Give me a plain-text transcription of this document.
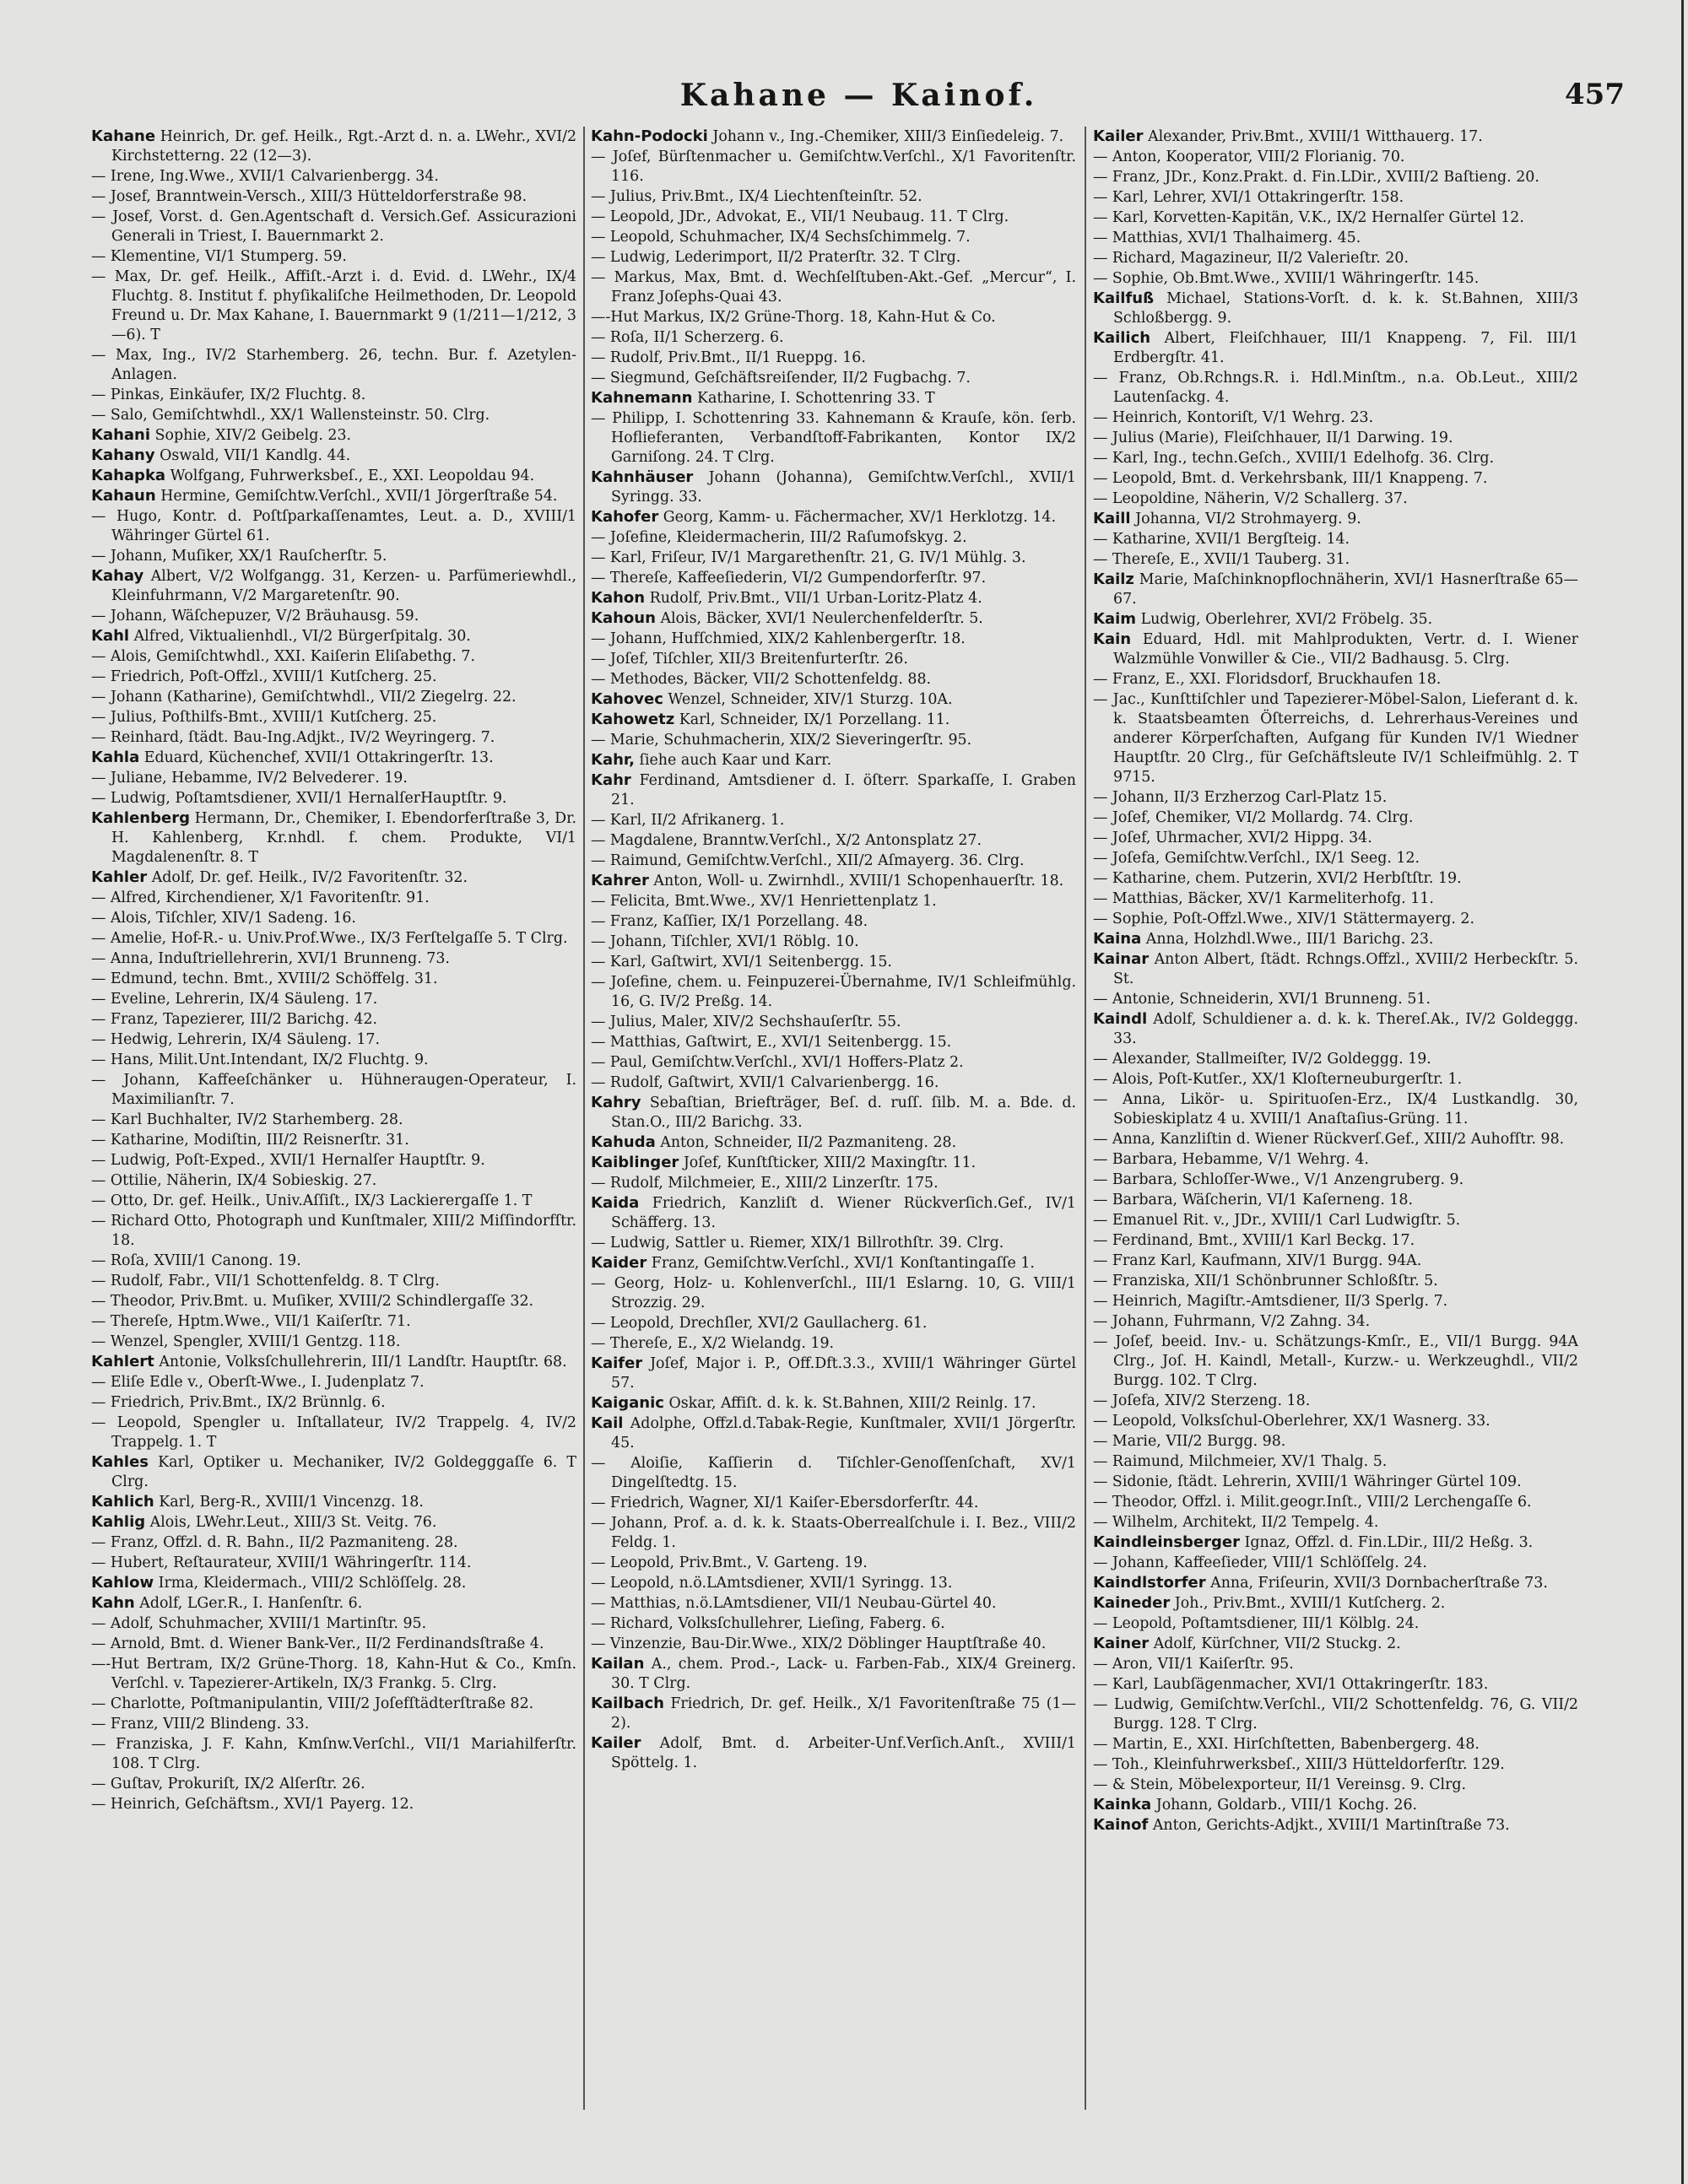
Kahane — Kainof.	457

Kahane Heinrich, Dr. gef. Heilk., Rgt.-Arzt d. n. a. LWehr., XVI/2 Kirchstetterng. 22 (12—3).

— Irene, Ing.Wwe., XVII/1 Calvarienbergg. 34.

— Josef, Branntwein-Versch., XIII/3 Hütteldorferstraße 98.

— Josef, Vorst. d. Gen.Agentschaft d. Versich.Gef. Assicurazioni Generali in Triest, I. Bauernmarkt 2.

— Klementine, VI/1 Stumperg. 59.

— Max, Dr. gef. Heilk., Affiſt.-Arzt i. d. Evid. d. LWehr., IX/4 Fluchtg. 8. Institut f. phyſikaliſche Heilmethoden, Dr. Leopold Freund u. Dr. Max Kahane, I. Bauernmarkt 9 (1/211—1/212, 3—6). T

— Max, Ing., IV/2 Starhemberg. 26, techn. Bur. f. Azetylen-Anlagen.

— Pinkas, Einkäufer, IX/2 Fluchtg. 8.

— Salo, Gemiſchtwhdl., XX/1 Wallensteinstr. 50. Clrg.

Kahani Sophie, XIV/2 Geibelg. 23.

Kahany Oswald, VII/1 Kandlg. 44.

Kahapka Wolfgang, Fuhrwerksbeſ., E., XXI. Leopoldau 94.

Kahaun Hermine, Gemiſchtw.Verſchl., XVII/1 Jörgerſtraße 54.

— Hugo, Kontr. d. Poſtſparkaſſenamtes, Leut. a. D., XVIII/1 Währinger Gürtel 61.

— Johann, Muſiker, XX/1 Rauſcherſtr. 5.

Kahay Albert, V/2 Wolfgangg. 31, Kerzen- u. Parfümeriewhdl., Kleinfuhrmann, V/2 Margaretenſtr. 90.

— Johann, Wäſchepuzer, V/2 Bräuhausg. 59.

Kahl Alfred, Viktualienhdl., VI/2 Bürgerſpitalg. 30.

— Alois, Gemiſchtwhdl., XXI. Kaiſerin Eliſabethg. 7.

— Friedrich, Poſt-Offzl., XVIII/1 Kutſcherg. 25.

— Johann (Katharine), Gemiſchtwhdl., VII/2 Ziegelrg. 22.

— Julius, Poſthilfs-Bmt., XVIII/1 Kutſcherg. 25.

— Reinhard, ſtädt. Bau-Ing.Adjkt., IV/2 Weyringerg. 7.

Kahla Eduard, Küchenchef, XVII/1 Ottakringerſtr. 13.

— Juliane, Hebamme, IV/2 Belvederег. 19.

— Ludwig, Poſtamtsdiener, XVII/1 HernalſerHauptſtr. 9.

Kahlenberg Hermann, Dr., Chemiker, I. Ebendorferſtraße 3, Dr. H. Kahlenberg, Kr.nhdl. f. chem. Produkte, VI/1 Magdalenenſtr. 8. T

Kahler Adolf, Dr. gef. Heilk., IV/2 Favoritenſtr. 32.

— Alfred, Kirchendiener, X/1 Favoritenſtr. 91.

— Alois, Tiſchler, XIV/1 Sadeng. 16.

— Amelie, Hof-R.- u. Univ.Prof.Wwe., IX/3 Ferſtelgaſſe 5. T Clrg.

— Anna, Induſtriellehrerin, XVI/1 Brunneng. 73.

— Edmund, techn. Bmt., XVIII/2 Schöffelg. 31.

— Eveline, Lehrerin, IX/4 Säuleng. 17.

— Franz, Tapezierer, III/2 Barichg. 42.

— Hedwig, Lehrerin, IX/4 Säuleng. 17.

— Hans, Milit.Unt.Intendant, IX/2 Fluchtg. 9.

— Johann, Kaffeeſchänker u. Hühneraugen-Operateur, I. Maximilianſtr. 7.

— Karl Buchhalter, IV/2 Starhemberg. 28.

— Katharine, Modiſtin, III/2 Reisnerſtr. 31.

— Ludwig, Poſt-Exped., XVII/1 Hernalſer Hauptſtr. 9.

— Ottilie, Näherin, IX/4 Sobieskig. 27.

— Otto, Dr. gef. Heilk., Univ.Aſſiſt., IX/3 Lackierergaſſe 1. T

— Richard Otto, Photograph und Kunſtmaler, XIII/2 Miſſindorfſtr. 18.

— Roſa, XVIII/1 Canong. 19.

— Rudolf, Fabr., VII/1 Schottenfeldg. 8. T Clrg.

— Theodor, Priv.Bmt. u. Muſiker, XVIII/2 Schindlergaſſe 32.

— Thereſe, Hptm.Wwe., VII/1 Kaiſerſtr. 71.

— Wenzel, Spengler, XVIII/1 Gentzg. 118.

Kahlert Antonie, Volksſchullehrerin, III/1 Landſtr. Hauptſtr. 68.

— Eliſe Edle v., Oberſt-Wwe., I. Judenplatz 7.

— Friedrich, Priv.Bmt., IX/2 Brünnlg. 6.

— Leopold, Spengler u. Inſtallateur, IV/2 Trappelg. 4, IV/2 Trappelg. 1. T

Kahles Karl, Optiker u. Mechaniker, IV/2 Goldegggaſſe 6. T Clrg.

Kahlich Karl, Berg-R., XVIII/1 Vincenzg. 18.

Kahlig Alois, LWehr.Leut., XIII/3 St. Veitg. 76.

— Franz, Offzl. d. R. Bahn., II/2 Pazmaniteng. 28.

— Hubert, Reſtaurateur, XVIII/1 Währingerſtr. 114.

Kahlow Irma, Kleidermach., VIII/2 Schlöſſelg. 28.

Kahn Adolf, LGer.R., I. Hanſenſtr. 6.

— Adolf, Schuhmacher, XVIII/1 Martinſtr. 95.

— Arnold, Bmt. d. Wiener Bank-Ver., II/2 Ferdinandsſtraße 4.

—-Hut Bertram, IX/2 Grüne-Thorg. 18, Kahn-Hut & Co., Kmſn. Verſchl. v. Tapezierer-Artikeln, IX/3 Frankg. 5. Clrg.

— Charlotte, Poſtmanipulantin, VIII/2 Joſefſtädterſtraße 82.

— Franz, VIII/2 Blindeng. 33.

— Franziska, J. F. Kahn, Kmſnw.Verſchl., VII/1 Mariahilferſtr. 108. T Clrg.

— Guſtav, Prokuriſt, IX/2 Alſerſtr. 26.

— Heinrich, Geſchäftsm., XVI/1 Payerg. 12.

Kahn-Podocki Johann v., Ing.-Chemiker, XIII/3 Einſiedeleig. 7.

— Joſef, Bürſtenmacher u. Gemiſchtw.Verſchl., X/1 Favoritenſtr. 116.

— Julius, Priv.Bmt., IX/4 Liechtenſteinſtr. 52.

— Leopold, JDr., Advokat, E., VII/1 Neubaug. 11. T Clrg.

— Leopold, Schuhmacher, IX/4 Sechsſchimmelg. 7.

— Ludwig, Lederimport, II/2 Praterſtr. 32. T Clrg.

— Markus, Max, Bmt. d. Wechſelſtuben-Akt.-Gef. „Mercur“, I. Franz Joſephs-Quai 43.

—-Hut Markus, IX/2 Grüne-Thorg. 18, Kahn-Hut & Co.

— Roſa, II/1 Scherzerg. 6.

— Rudolf, Priv.Bmt., II/1 Rueppg. 16.

— Siegmund, Geſchäftsreiſender, II/2 Fugbachg. 7.

Kahnemann Katharine, I. Schottenring 33. T

— Philipp, I. Schottenring 33. Kahnemann & Krauſe, kön. ſerb. Hoflieferanten, Verbandſtoff-Fabrikanten, Kontor IX/2 Garniſong. 24. T Clrg.

Kahnhäuser Johann (Johanna), Gemiſchtw.Verſchl., XVII/1 Syringg. 33.

Kahofer Georg, Kamm- u. Fächermacher, XV/1 Herklotzg. 14.

— Joſefine, Kleidermacherin, III/2 Raſumofskyg. 2.

— Karl, Friſeur, IV/1 Margarethenſtr. 21, G. IV/1 Mühlg. 3.

— Thereſe, Kaffeeſiederin, VI/2 Gumpendorferſtr. 97.

Kahon Rudolf, Priv.Bmt., VII/1 Urban-Loritz-Platz 4.

Kahoun Alois, Bäcker, XVI/1 Neulerchenfelderſtr. 5.

— Johann, Hufſchmied, XIX/2 Kahlenbergerſtr. 18.

— Joſef, Tiſchler, XII/3 Breitenfurterſtr. 26.

— Methodes, Bäcker, VII/2 Schottenfeldg. 88.

Kahovec Wenzel, Schneider, XIV/1 Sturzg. 10A.

Kahowetz Karl, Schneider, IX/1 Porzellang. 11.

— Marie, Schuhmacherin, XIX/2 Sieveringerſtr. 95.

Kahr, ſiehe auch Kaar und Karr.

Kahr Ferdinand, Amtsdiener d. I. öſterr. Sparkaſſe, I. Graben 21.

— Karl, II/2 Afrikanerg. 1.

— Magdalene, Branntw.Verſchl., X/2 Antonsplatz 27.

— Raimund, Gemiſchtw.Verſchl., XII/2 Aſmayerg. 36. Clrg.

Kahrer Anton, Woll- u. Zwirnhdl., XVIII/1 Schopenhauerſtr. 18.

— Felicita, Bmt.Wwe., XV/1 Henriettenplatz 1.

— Franz, Kaſſier, IX/1 Porzellang. 48.

— Johann, Tiſchler, XVI/1 Röblg. 10.

— Karl, Gaſtwirt, XVI/1 Seitenbergg. 15.

— Joſefine, chem. u. Feinpuzerei-Übernahme, IV/1 Schleifmühlg. 16, G. IV/2 Preßg. 14.

— Julius, Maler, XIV/2 Sechshauſerſtr. 55.

— Matthias, Gaſtwirt, E., XVI/1 Seitenbergg. 15.

— Paul, Gemiſchtw.Verſchl., XVI/1 Hoffers-Platz 2.

— Rudolf, Gaſtwirt, XVII/1 Calvarienbergg. 16.

Kahry Sebaſtian, Briefträger, Beſ. d. ruſſ. ſilb. M. a. Bde. d. Stan.O., III/2 Barichg. 33.

Kahuda Anton, Schneider, II/2 Pazmaniteng. 28.

Kaiblinger Joſef, Kunſtſticker, XIII/2 Maxingſtr. 11.

— Rudolf, Milchmeier, E., XIII/2 Linzerſtr. 175.

Kaida Friedrich, Kanzliſt d. Wiener Rückverſich.Gef., IV/1 Schäfferg. 13.

— Ludwig, Sattler u. Riemer, XIX/1 Billrothſtr. 39. Clrg.

Kaider Franz, Gemiſchtw.Verſchl., XVI/1 Konſtantingaſſe 1.

— Georg, Holz- u. Kohlenverſchl., III/1 Eslarng. 10, G. VIII/1 Strozzig. 29.

— Leopold, Drechſler, XVI/2 Gaullacherg. 61.

— Thereſe, E., X/2 Wielandg. 19.

Kaifer Joſef, Major i. P., Off.Dft.3.3., XVIII/1 Währinger Gürtel 57.

Kaiganic Oskar, Affiſt. d. k. k. St.Bahnen, XIII/2 Reinlg. 17.

Kail Adolphe, Offzl.d.Tabak-Regie, Kunſtmaler, XVII/1 Jörgerſtr. 45.

— Aloiſie, Kaſſierin d. Tiſchler-Genoſſenſchaft, XV/1 Dingelſtedtg. 15.

— Friedrich, Wagner, XI/1 Kaiſer-Ebersdorferſtr. 44.

— Johann, Prof. a. d. k. k. Staats-Oberrealſchule i. I. Bez., VIII/2 Feldg. 1.

— Leopold, Priv.Bmt., V. Garteng. 19.

— Leopold, n.ö.LAmtsdiener, XVII/1 Syringg. 13.

— Matthias, n.ö.LAmtsdiener, VII/1 Neubau-Gürtel 40.

— Richard, Volksſchullehrer, Lieſing, Faberg. 6.

— Vinzenzie, Bau-Dir.Wwe., XIX/2 Döblinger Hauptſtraße 40.

Kailan A., chem. Prod.-, Lack- u. Farben-Fab., XIX/4 Greinerg. 30. T Clrg.

Kailbach Friedrich, Dr. gef. Heilk., X/1 Favoritenſtraße 75 (1—2).

Kailer Adolf, Bmt. d. Arbeiter-Unf.Verſich.Anſt., XVIII/1 Spöttelg. 1.

Kailer Alexander, Priv.Bmt., XVIII/1 Witthauerg. 17.

— Anton, Kooperator, VIII/2 Florianig. 70.

— Franz, JDr., Konz.Prakt. d. Fin.LDir., XVIII/2 Baſtieng. 20.

— Karl, Lehrer, XVI/1 Ottakringerſtr. 158.

— Karl, Korvetten-Kapitän, V.K., IX/2 Hernalſer Gürtel 12.

— Matthias, XVI/1 Thalhaimerg. 45.

— Richard, Magazineur, II/2 Valerieſtr. 20.

— Sophie, Ob.Bmt.Wwe., XVIII/1 Währingerſtr. 145.

Kailfuß Michael, Stations-Vorſt. d. k. k. St.Bahnen, XIII/3 Schloßbergg. 9.

Kailich Albert, Fleiſchhauer, III/1 Knappeng. 7, Fil. III/1 Erdbergſtr. 41.

— Franz, Ob.Rchngs.R. i. Hdl.Minſtm., n.a. Ob.Leut., XIII/2 Lautenſackg. 4.

— Heinrich, Kontoriſt, V/1 Wehrg. 23.

— Julius (Marie), Fleiſchhauer, II/1 Darwing. 19.

— Karl, Ing., techn.Geſch., XVIII/1 Edelhofg. 36. Clrg.

— Leopold, Bmt. d. Verkehrsbank, III/1 Knappeng. 7.

— Leopoldine, Näherin, V/2 Schallerg. 37.

Kaill Johanna, VI/2 Strohmayerg. 9.

— Katharine, XVII/1 Bergſteig. 14.

— Thereſe, E., XVII/1 Tauberg. 31.

Kailz Marie, Maſchinknopflochnäherin, XVI/1 Hasnerſtraße 65—67.

Kaim Ludwig, Oberlehrer, XVI/2 Fröbelg. 35.

Kain Eduard, Hdl. mit Mahlprodukten, Vertr. d. I. Wiener Walzmühle Vonwiller & Cie., VII/2 Badhausg. 5. Clrg.

— Franz, E., XXI. Floridsdorf, Bruckhaufen 18.

— Jac., Kunſttiſchler und Tapezierer-Möbel-Salon, Lieferant d. k. k. Staatsbeamten Öſterreichs, d. Lehrerhaus-Vereines und anderer Körperſchaften, Aufgang für Kunden IV/1 Wiedner Hauptſtr. 20 Clrg., für Geſchäftsleute IV/1 Schleifmühlg. 2. T 9715.

— Johann, II/3 Erzherzog Carl-Platz 15.

— Joſef, Chemiker, VI/2 Mollardg. 74. Clrg.

— Joſef, Uhrmacher, XVI/2 Hippg. 34.

— Joſefa, Gemiſchtw.Verſchl., IX/1 Seeg. 12.

— Katharine, chem. Putzerin, XVI/2 Herbſtſtr. 19.

— Matthias, Bäcker, XV/1 Karmeliterhofg. 11.

— Sophie, Poſt-Offzl.Wwe., XIV/1 Stättermayerg. 2.

Kaina Anna, Holzhdl.Wwe., III/1 Barichg. 23.

Kainar Anton Albert, ſtädt. Rchngs.Offzl., XVIII/2 Herbeckſtr. 5. St.

— Antonie, Schneiderin, XVI/1 Brunneng. 51.

Kaindl Adolf, Schuldiener a. d. k. k. Thereſ.Ak., IV/2 Goldeggg. 33.

— Alexander, Stallmeiſter, IV/2 Goldeggg. 19.

— Alois, Poſt-Kutſer., XX/1 Kloſterneuburgerſtr. 1.

— Anna, Likör- u. Spirituoſen-Erz., IX/4 Lustkandlg. 30, Sobieskiplatz 4 u. XVIII/1 Anaſtaſius-Grüng. 11.

— Anna, Kanzliſtin d. Wiener Rückverſ.Gef., XIII/2 Auhofſtr. 98.

— Barbara, Hebamme, V/1 Wehrg. 4.

— Barbara, Schloſſer-Wwe., V/1 Anzengruberg. 9.

— Barbara, Wäſcherin, VI/1 Kaſerneng. 18.

— Emanuel Rit. v., JDr., XVIII/1 Carl Ludwigſtr. 5.

— Ferdinand, Bmt., XVIII/1 Karl Beckg. 17.

— Franz Karl, Kaufmann, XIV/1 Burgg. 94A.

— Franziska, XII/1 Schönbrunner Schloßſtr. 5.

— Heinrich, Magiſtr.-Amtsdiener, II/3 Sperlg. 7.

— Johann, Fuhrmann, V/2 Zahng. 34.

— Joſef, beeid. Inv.- u. Schätzungs-Kmſr., E., VII/1 Burgg. 94A Clrg., Joſ. H. Kaindl, Metall-, Kurzw.- u. Werkzeughdl., VII/2 Burgg. 102. T Clrg.

— Joſefa, XIV/2 Sterzeng. 18.

— Leopold, Volksſchul-Oberlehrer, XX/1 Wasnerg. 33.

— Marie, VII/2 Burgg. 98.

— Raimund, Milchmeier, XV/1 Thalg. 5.

— Sidonie, ſtädt. Lehrerin, XVIII/1 Währinger Gürtel 109.

— Theodor, Offzl. i. Milit.geogr.Inſt., VIII/2 Lerchengaſſe 6.

— Wilhelm, Architekt, II/2 Tempelg. 4.

Kaindleinsberger Ignaz, Offzl. d. Fin.LDir., III/2 Heßg. 3.

— Johann, Kaffeeſieder, VIII/1 Schlöſſelg. 24.

Kaindlstorfer Anna, Friſeurin, XVII/3 Dornbacherſtraße 73.

Kaineder Joh., Priv.Bmt., XVIII/1 Kutſcherg. 2.

— Leopold, Poſtamtsdiener, III/1 Kölblg. 24.

Kainer Adolf, Kürſchner, VII/2 Stuckg. 2.

— Aron, VII/1 Kaiſerſtr. 95.

— Karl, Laubſägenmacher, XVI/1 Ottakringerſtr. 183.

— Ludwig, Gemiſchtw.Verſchl., VII/2 Schottenfeldg. 76, G. VII/2 Burgg. 128. T Clrg.

— Martin, E., XXI. Hirſchſtetten, Babenbergerg. 48.

— Toh., Kleinfuhrwerksbeſ., XIII/3 Hütteldorferſtr. 129.

— & Stein, Möbelexporteur, II/1 Vereinsg. 9. Clrg.

Kainka Johann, Goldarb., VIII/1 Kochg. 26.

Kainof Anton, Gerichts-Adjkt., XVIII/1 Martinſtraße 73.
